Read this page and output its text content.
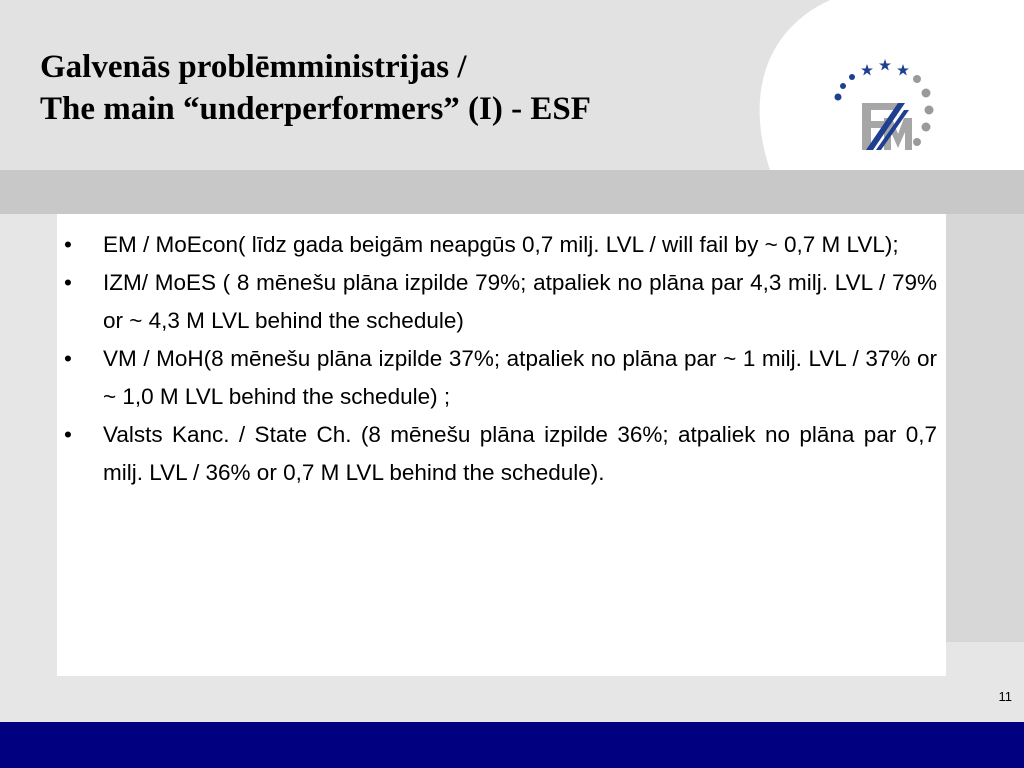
Galvenās problēmministrijas /
The main “underperformers” (I) - ESF
•	EM / MoEcon( līdz gada beigām neapgūs 0,7 milj. LVL / will fail by ~ 0,7 M LVL);
•	IZM/ MoES ( 8 mēnešu plāna izpilde 79%; atpaliek no plāna par 4,3 milj. LVL / 79% or ~ 4,3 M LVL behind the schedule)
•	VM / MoH(8 mēnešu plāna izpilde 37%; atpaliek no plāna par ~ 1 milj. LVL / 37% or ~ 1,0 M LVL behind the schedule) ;
•	Valsts Kanc. / State Ch. (8 mēnešu plāna izpilde 36%; atpaliek no plāna par 0,7 milj. LVL / 36% or 0,7 M LVL behind the schedule).
11
